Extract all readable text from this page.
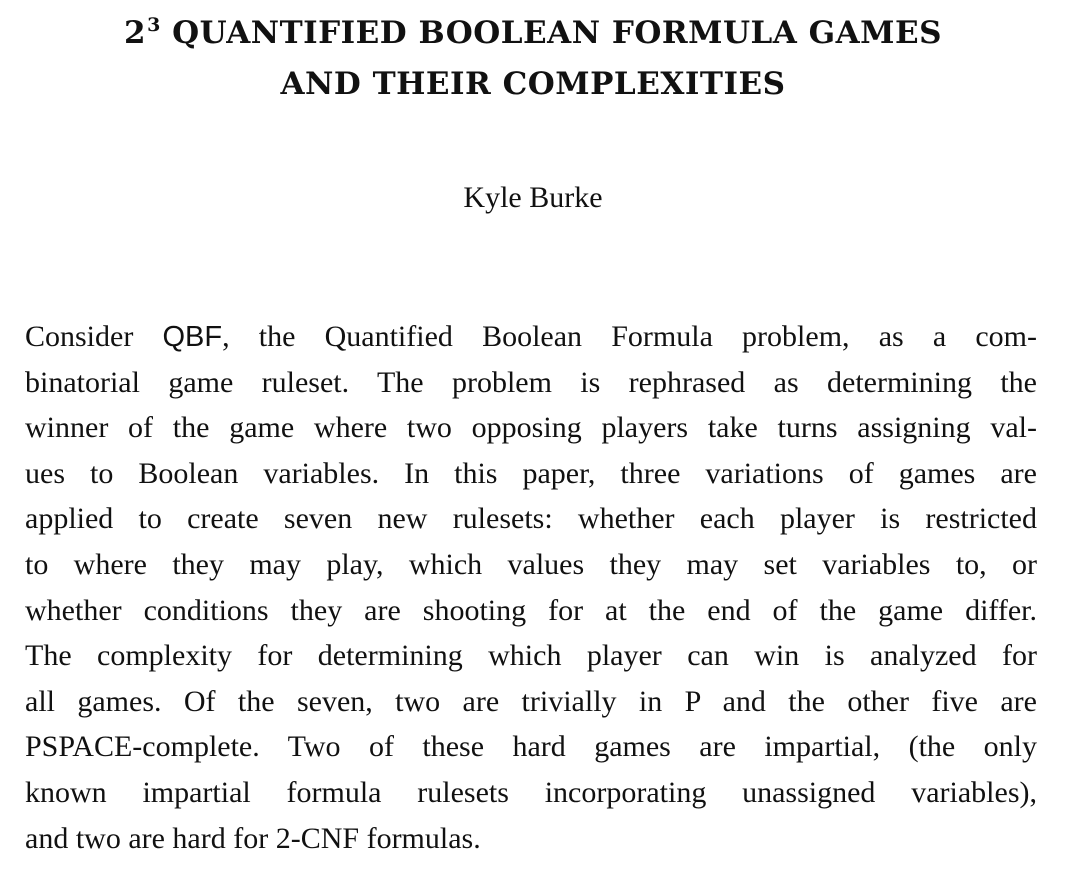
$2^3$ QUANTIFIED BOOLEAN FORMULA GAMES
AND THEIR COMPLEXITIES
Kyle Burke
Consider QBF, the Quantified Boolean Formula problem, as a com-
binatorial game ruleset. The problem is rephrased as determining the
winner of the game where two opposing players take turns assigning val-
ues to Boolean variables. In this paper, three variations of games are
applied to create seven new rulesets: whether each player is restricted
to where they may play, which values they may set variables to, or
whether conditions they are shooting for at the end of the game differ.
The complexity for determining which player can win is analyzed for
all games. Of the seven, two are trivially in P and the other five are
PSPACE-complete. Two of these hard games are impartial, (the only
known impartial formula rulesets incorporating unassigned variables),
and two are hard for 2-CNF formulas.
